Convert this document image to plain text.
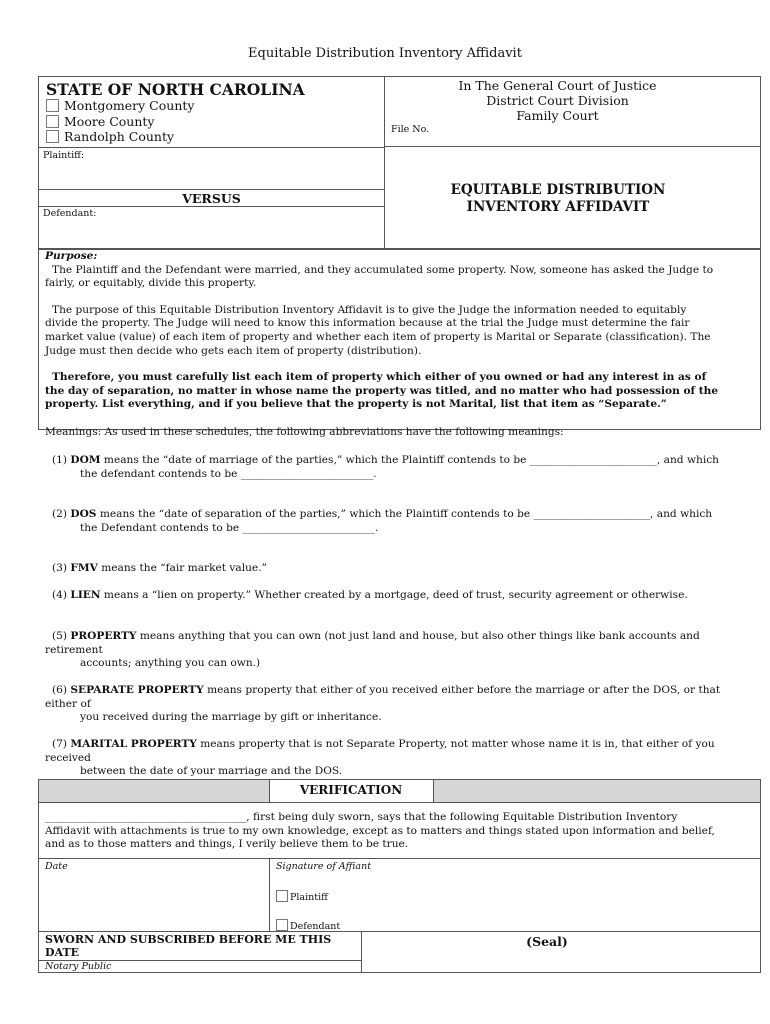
Equitable Distribution Inventory Affidavit
STATE OF NORTH CAROLINA
Montgomery County
Moore County
Randolph County
In The General Court of Justice
District Court Division
Family Court
File No.
Plaintiff:
VERSUS
Defendant:
EQUITABLE DISTRIBUTION
INVENTORY AFFIDAVIT
Purpose:
The Plaintiff and the Defendant were married, and they accumulated some property. Now, someone has asked the Judge to fairly, or equitably, divide this property.
The purpose of this Equitable Distribution Inventory Affidavit is to give the Judge the information needed to equitably divide the property. The Judge will need to know this information because at the trial the Judge must determine the fair market value (value) of each item of property and whether each item of property is Marital or Separate (classification). The Judge must then decide who gets each item of property (distribution).
Therefore, you must carefully list each item of property which either of you owned or had any interest in as of the day of separation, no matter in whose name the property was titled, and no matter who had possession of the property. List everything, and if you believe that the property is not Marital, list that item as “Separate.”
Meanings: As used in these schedules, the following abbreviations have the following meanings:
(1) DOM means the “date of marriage of the parties,” which the Plaintiff contends to be ________________________, and which
the defendant contends to be _________________________.
(2) DOS means the “date of separation of the parties,” which the Plaintiff contends to be ______________________, and which
the Defendant contends to be _________________________.
(3) FMV means the “fair market value.”
(4) LIEN means a “lien on property.” Whether created by a mortgage, deed of trust, security agreement or otherwise.
(5) PROPERTY means anything that you can own (not just land and house, but also other things like bank accounts and retirement
accounts; anything you can own.)
(6) SEPARATE PROPERTY means property that either of you received either before the marriage or after the DOS, or that either of
you received during the marriage by gift or inheritance.
(7) MARITAL PROPERTY means property that is not Separate Property, not matter whose name it is in, that either of you received
between the date of your marriage and the DOS.
VERIFICATION
______________________________________, first being duly sworn, says that the following Equitable Distribution Inventory Affidavit with attachments is true to my own knowledge, except as to matters and things stated upon information and belief, and as to those matters and things, I verily believe them to be true.
Date	Signature of Affiant
Plaintiff
Defendant
SWORN AND SUBSCRIBED BEFORE ME THIS DATE
(Seal)
Notary Public
